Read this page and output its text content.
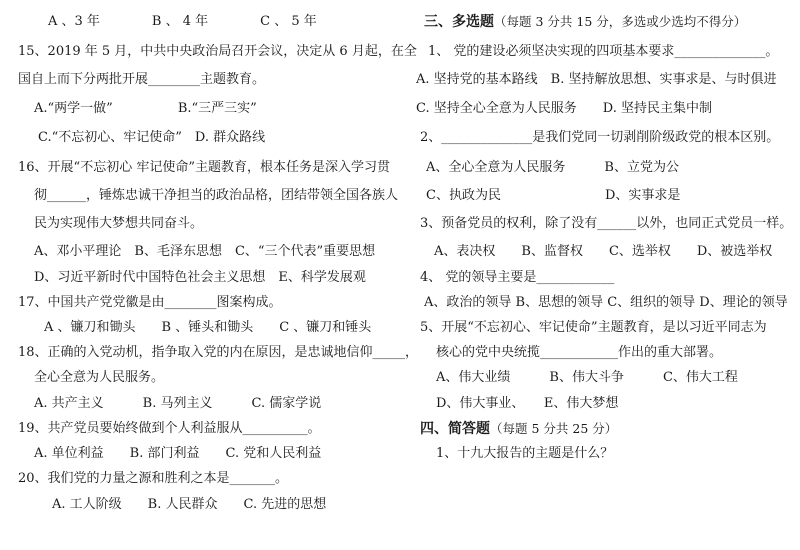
A 、3 年　　　　B 、 4 年　　　　C 、 5 年
15、2019 年 5 月，中共中央政治局召开会议，决定从 6 月起，在全
国自上而下分两批开展________主题教育。
A.“两学一做”　　　　　B.“三严三实”
C.“不忘初心、牢记使命”　D. 群众路线
16、开展“不忘初心 牢记使命”主题教育，根本任务是深入学习贯
彻______，锤炼忠诚干净担当的政治品格，团结带领全国各族人
民为实现伟大梦想共同奋斗。
A、邓小平理论　B、毛泽东思想　C、“三个代表”重要思想
D、习近平新时代中国特色社会主义思想　E、科学发展观
17、中国共产党党徽是由________图案构成。
A 、镰刀和锄头　　B 、锤头和锄头　　C 、镰刀和锤头
18、正确的入党动机，指争取入党的内在原因，是忠诚地信仰_____，
全心全意为人民服务。
A. 共产主义　　　B. 马列主义　　　C. 儒家学说
19、共产党员要始终做到个人利益服从__________。
A. 单位利益　　B. 部门利益　　C. 党和人民利益
20、我们党的力量之源和胜利之本是_______。
A. 工人阶级　　B. 人民群众　　C. 先进的思想
三、多选题（每题 3 分共 15 分，多选或少选均不得分）
1、 党的建设必须坚决实现的四项基本要求______________。
A. 坚持党的基本路线　B. 坚持解放思想、实事求是、与时俱进
C. 坚持全心全意为人民服务　　D. 坚持民主集中制
2、______________是我们党同一切剥削阶级政党的根本区别。
A、全心全意为人民服务　　　B、立党为公
C、执政为民　　　　　　　　D、实事求是
3、预备党员的权利，除了没有______以外，也同正式党员一样。
A、表决权　　B、监督权　　C、选举权　　D、被选举权
4、 党的领导主要是____________
A、政治的领导 B、思想的领导 C、组织的领导 D、理论的领导
5、开展“不忘初心、牢记使命”主题教育，是以习近平同志为
核心的党中央统揽____________作出的重大部署。
A、伟大业绩　　　B、伟大斗争　　　C、伟大工程
D、伟大事业、　　E、伟大梦想
四、简答题（每题 5 分共 25 分）
1、十九大报告的主题是什么？
